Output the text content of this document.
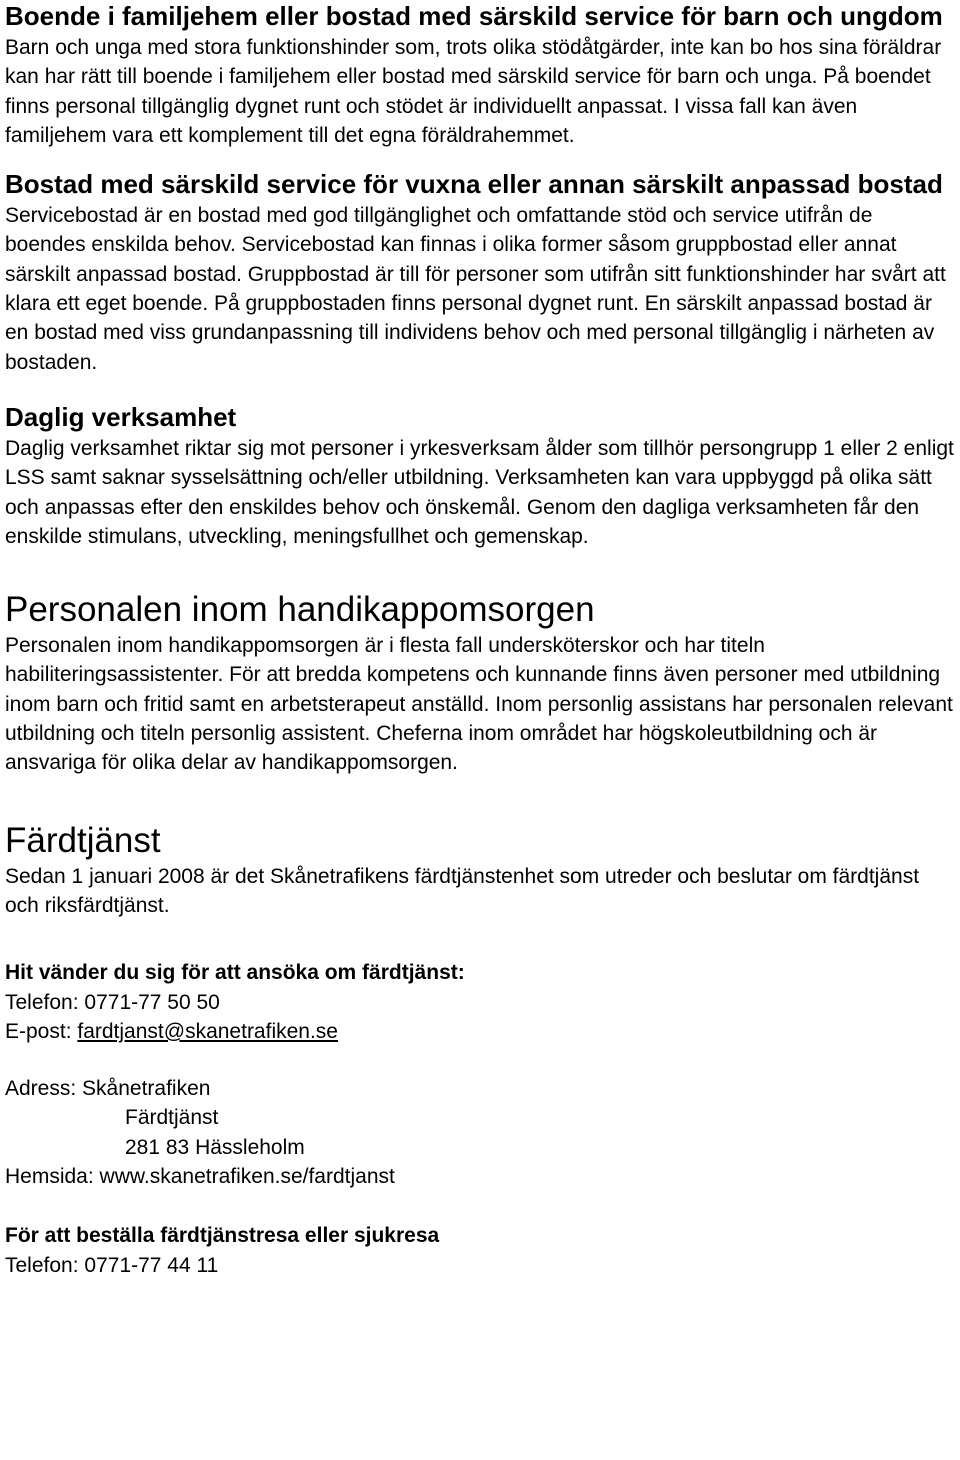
Boende i familjehem eller bostad med särskild service för barn och ungdom

Barn och unga med stora funktionshinder som, trots olika stödåtgärder, inte kan bo hos sina föräldrar kan har rätt till boende i familjehem eller bostad med särskild service för barn och unga. På boendet finns personal tillgänglig dygnet runt och stödet är individuellt anpassat. I vissa fall kan även familjehem vara ett komplement till det egna föräldrahemmet.

Bostad med särskild service för vuxna eller annan särskilt anpassad bostad

Servicebostad är en bostad med god tillgänglighet och omfattande stöd och service utifrån de boendes enskilda behov. Servicebostad kan finnas i olika former såsom gruppbostad eller annat särskilt anpassad bostad. Gruppbostad är till för personer som utifrån sitt funktionshinder har svårt att klara ett eget boende. På gruppbostaden finns personal dygnet runt. En särskilt anpassad bostad är en bostad med viss grundanpassning till individens behov och med personal tillgänglig i närheten av bostaden.

Daglig verksamhet

Daglig verksamhet riktar sig mot personer i yrkesverksam ålder som tillhör persongrupp 1 eller 2 enligt LSS samt saknar sysselsättning och/eller utbildning. Verksamheten kan vara uppbyggd på olika sätt och anpassas efter den enskildes behov och önskemål. Genom den dagliga verksamheten får den enskilde stimulans, utveckling, meningsfullhet och gemenskap.

Personalen inom handikappomsorgen

Personalen inom handikappomsorgen är i flesta fall undersköterskor och har titeln habiliteringsassistenter. För att bredda kompetens och kunnande finns även personer med utbildning inom barn och fritid samt en arbetsterapeut anställd. Inom personlig assistans har personalen relevant utbildning och titeln personlig assistent. Cheferna inom området har högskoleutbildning och är ansvariga för olika delar av handikappomsorgen.

Färdtjänst

Sedan 1 januari 2008 är det Skånetrafikens färdtjänstenhet som utreder och beslutar om färdtjänst och riksfärdtjänst.

Hit vänder du sig för att ansöka om färdtjänst:

Telefon: 0771-77 50 50

E-post: fardtjanst@skanetrafiken.se

Adress: Skånetrafiken

Färdtjänst

281 83 Hässleholm

Hemsida: www.skanetrafiken.se/fardtjanst

För att beställa färdtjänstresa eller sjukresa

Telefon: 0771-77 44 11
